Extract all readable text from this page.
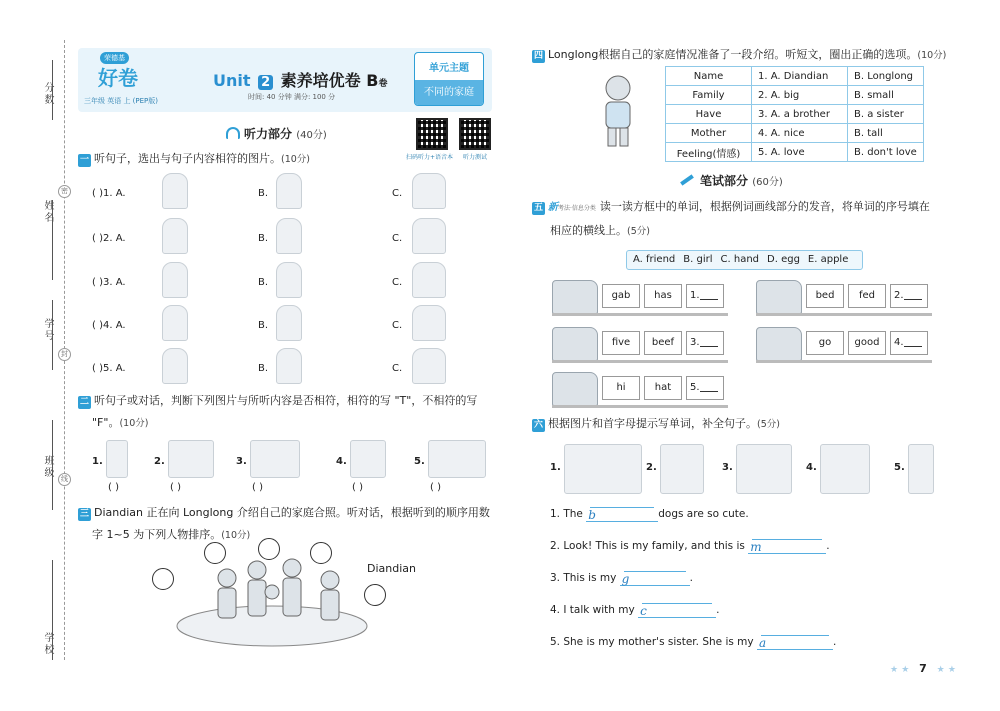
分数
密
姓名
封
学号
线
班级
学校
荣德基
好卷
三年级 英语 上 (PEP版)
Unit 2 素养培优卷 B卷
时间: 40 分钟 满分: 100 分
单元主题
不同的家庭
扫码听力+语音本 听力测试
听力部分 (40分)
一 听句子，选出与句子内容相符的图片。(10分)
( )1. A.	B.	C.
( )2. A.	B.	C.
( )3. A.	B.	C.
( )4. A.	B.	C.
( )5. A.	B.	C.
二 听句子或对话，判断下列图片与所听内容是否相符，相符的写 "T"，不相符的写
"F"。(10分)
1.
( )
2.
( )
3.
( )
4.
( )
5.
( )
三 Diandian 正在向 Longlong 介绍自己的家庭合照。听对话，根据听到的顺序用数
字 1~5 为下列人物排序。(10分)
Diandian
四 Longlong根据自己的家庭情况准备了一段介绍。听短文，圈出正确的选项。(10分)
Name	1. A. Diandian	B. Longlong
Family	2. A. big	B. small
Have	3. A. a brother	B. a sister
Mother	4. A. nice	B. tall
Feeling(情感)	5. A. love	B. don't love
笔试部分 (60分)
五 新考法·信息分类 读一读方框中的单词，根据例词画线部分的发音，将单词的序号填在
相应的横线上。(5分)
A. friend B. girl C. hand D. egg E. apple
gab	has	1.	bed	fed	2.
five	beef	3.	go	good	4.
hi	hat	5.
六 根据图片和首字母提示写单词，补全句子。(5分)
1.	2.	3.	4.	5.
1. The b	dogs are so cute.
2. Look! This is my family, and this is m	.
3. This is my g	.
4. I talk with my c	.
5. She is my mother's sister. She is my a	.
★ ★ 7 ★ ★
